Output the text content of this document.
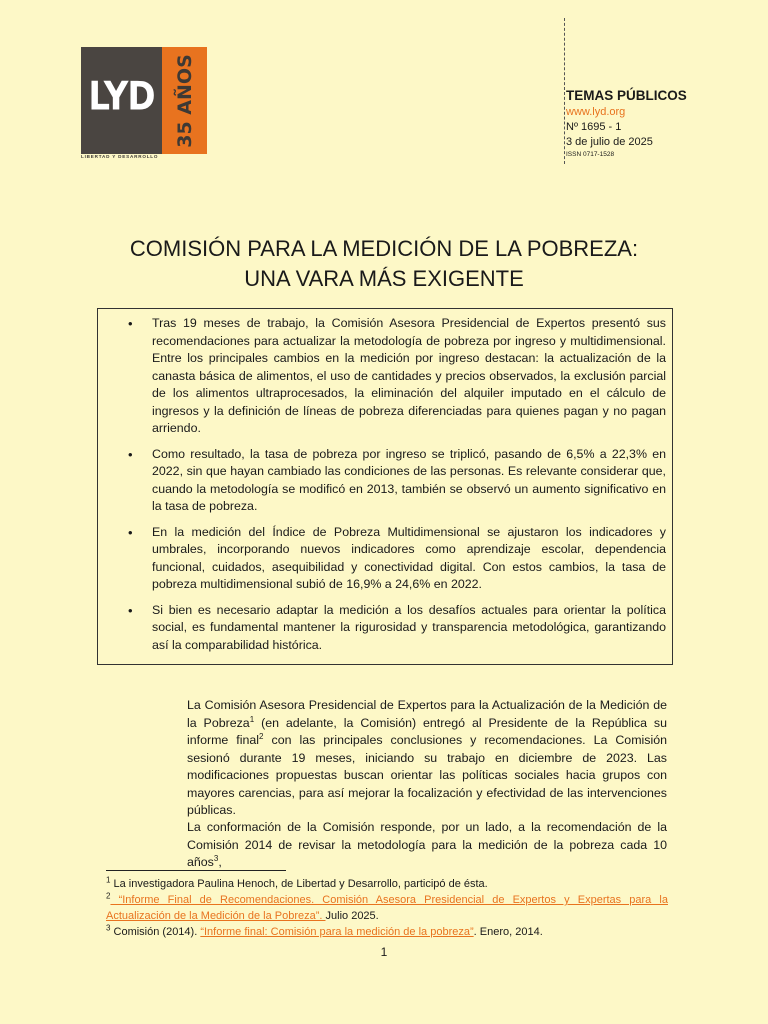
LYD 35 AÑOS
LIBERTAD Y DESARROLLO
TEMAS PÚBLICOS
www.lyd.org
Nº 1695 - 1
3 de julio de 2025
ISSN 0717-1528
COMISIÓN PARA LA MEDICIÓN DE LA POBREZA:
UNA VARA MÁS EXIGENTE
• Tras 19 meses de trabajo, la Comisión Asesora Presidencial de Expertos presentó sus recomendaciones para actualizar la metodología de pobreza por ingreso y multidimensional. Entre los principales cambios en la medición por ingreso destacan: la actualización de la canasta básica de alimentos, el uso de cantidades y precios observados, la exclusión parcial de los alimentos ultraprocesados, la eliminación del alquiler imputado en el cálculo de ingresos y la definición de líneas de pobreza diferenciadas para quienes pagan y no pagan arriendo.
• Como resultado, la tasa de pobreza por ingreso se triplicó, pasando de 6,5% a 22,3% en 2022, sin que hayan cambiado las condiciones de las personas. Es relevante considerar que, cuando la metodología se modificó en 2013, también se observó un aumento significativo en la tasa de pobreza.
• En la medición del Índice de Pobreza Multidimensional se ajustaron los indicadores y umbrales, incorporando nuevos indicadores como aprendizaje escolar, dependencia funcional, cuidados, asequibilidad y conectividad digital. Con estos cambios, la tasa de pobreza multidimensional subió de 16,9% a 24,6% en 2022.
• Si bien es necesario adaptar la medición a los desafíos actuales para orientar la política social, es fundamental mantener la rigurosidad y transparencia metodológica, garantizando así la comparabilidad histórica.
La Comisión Asesora Presidencial de Expertos para la Actualización de la Medición de la Pobreza$^1$ (en adelante, la Comisión) entregó al Presidente de la República su informe final$^2$ con las principales conclusiones y recomendaciones. La Comisión sesionó durante 19 meses, iniciando su trabajo en diciembre de 2023. Las modificaciones propuestas buscan orientar las políticas sociales hacia grupos con mayores carencias, para así mejorar la focalización y efectividad de las intervenciones públicas.
La conformación de la Comisión responde, por un lado, a la recomendación de la Comisión 2014 de revisar la metodología para la medición de la pobreza cada 10 años$^3$,
$^1$ La investigadora Paulina Henoch, de Libertad y Desarrollo, participó de ésta.
$^2$ “Informe Final de Recomendaciones. Comisión Asesora Presidencial de Expertos y Expertas para la Actualización de la Medición de la Pobreza”. Julio 2025.
$^3$ Comisión (2014). “Informe final: Comisión para la medición de la pobreza”. Enero, 2014.
1
